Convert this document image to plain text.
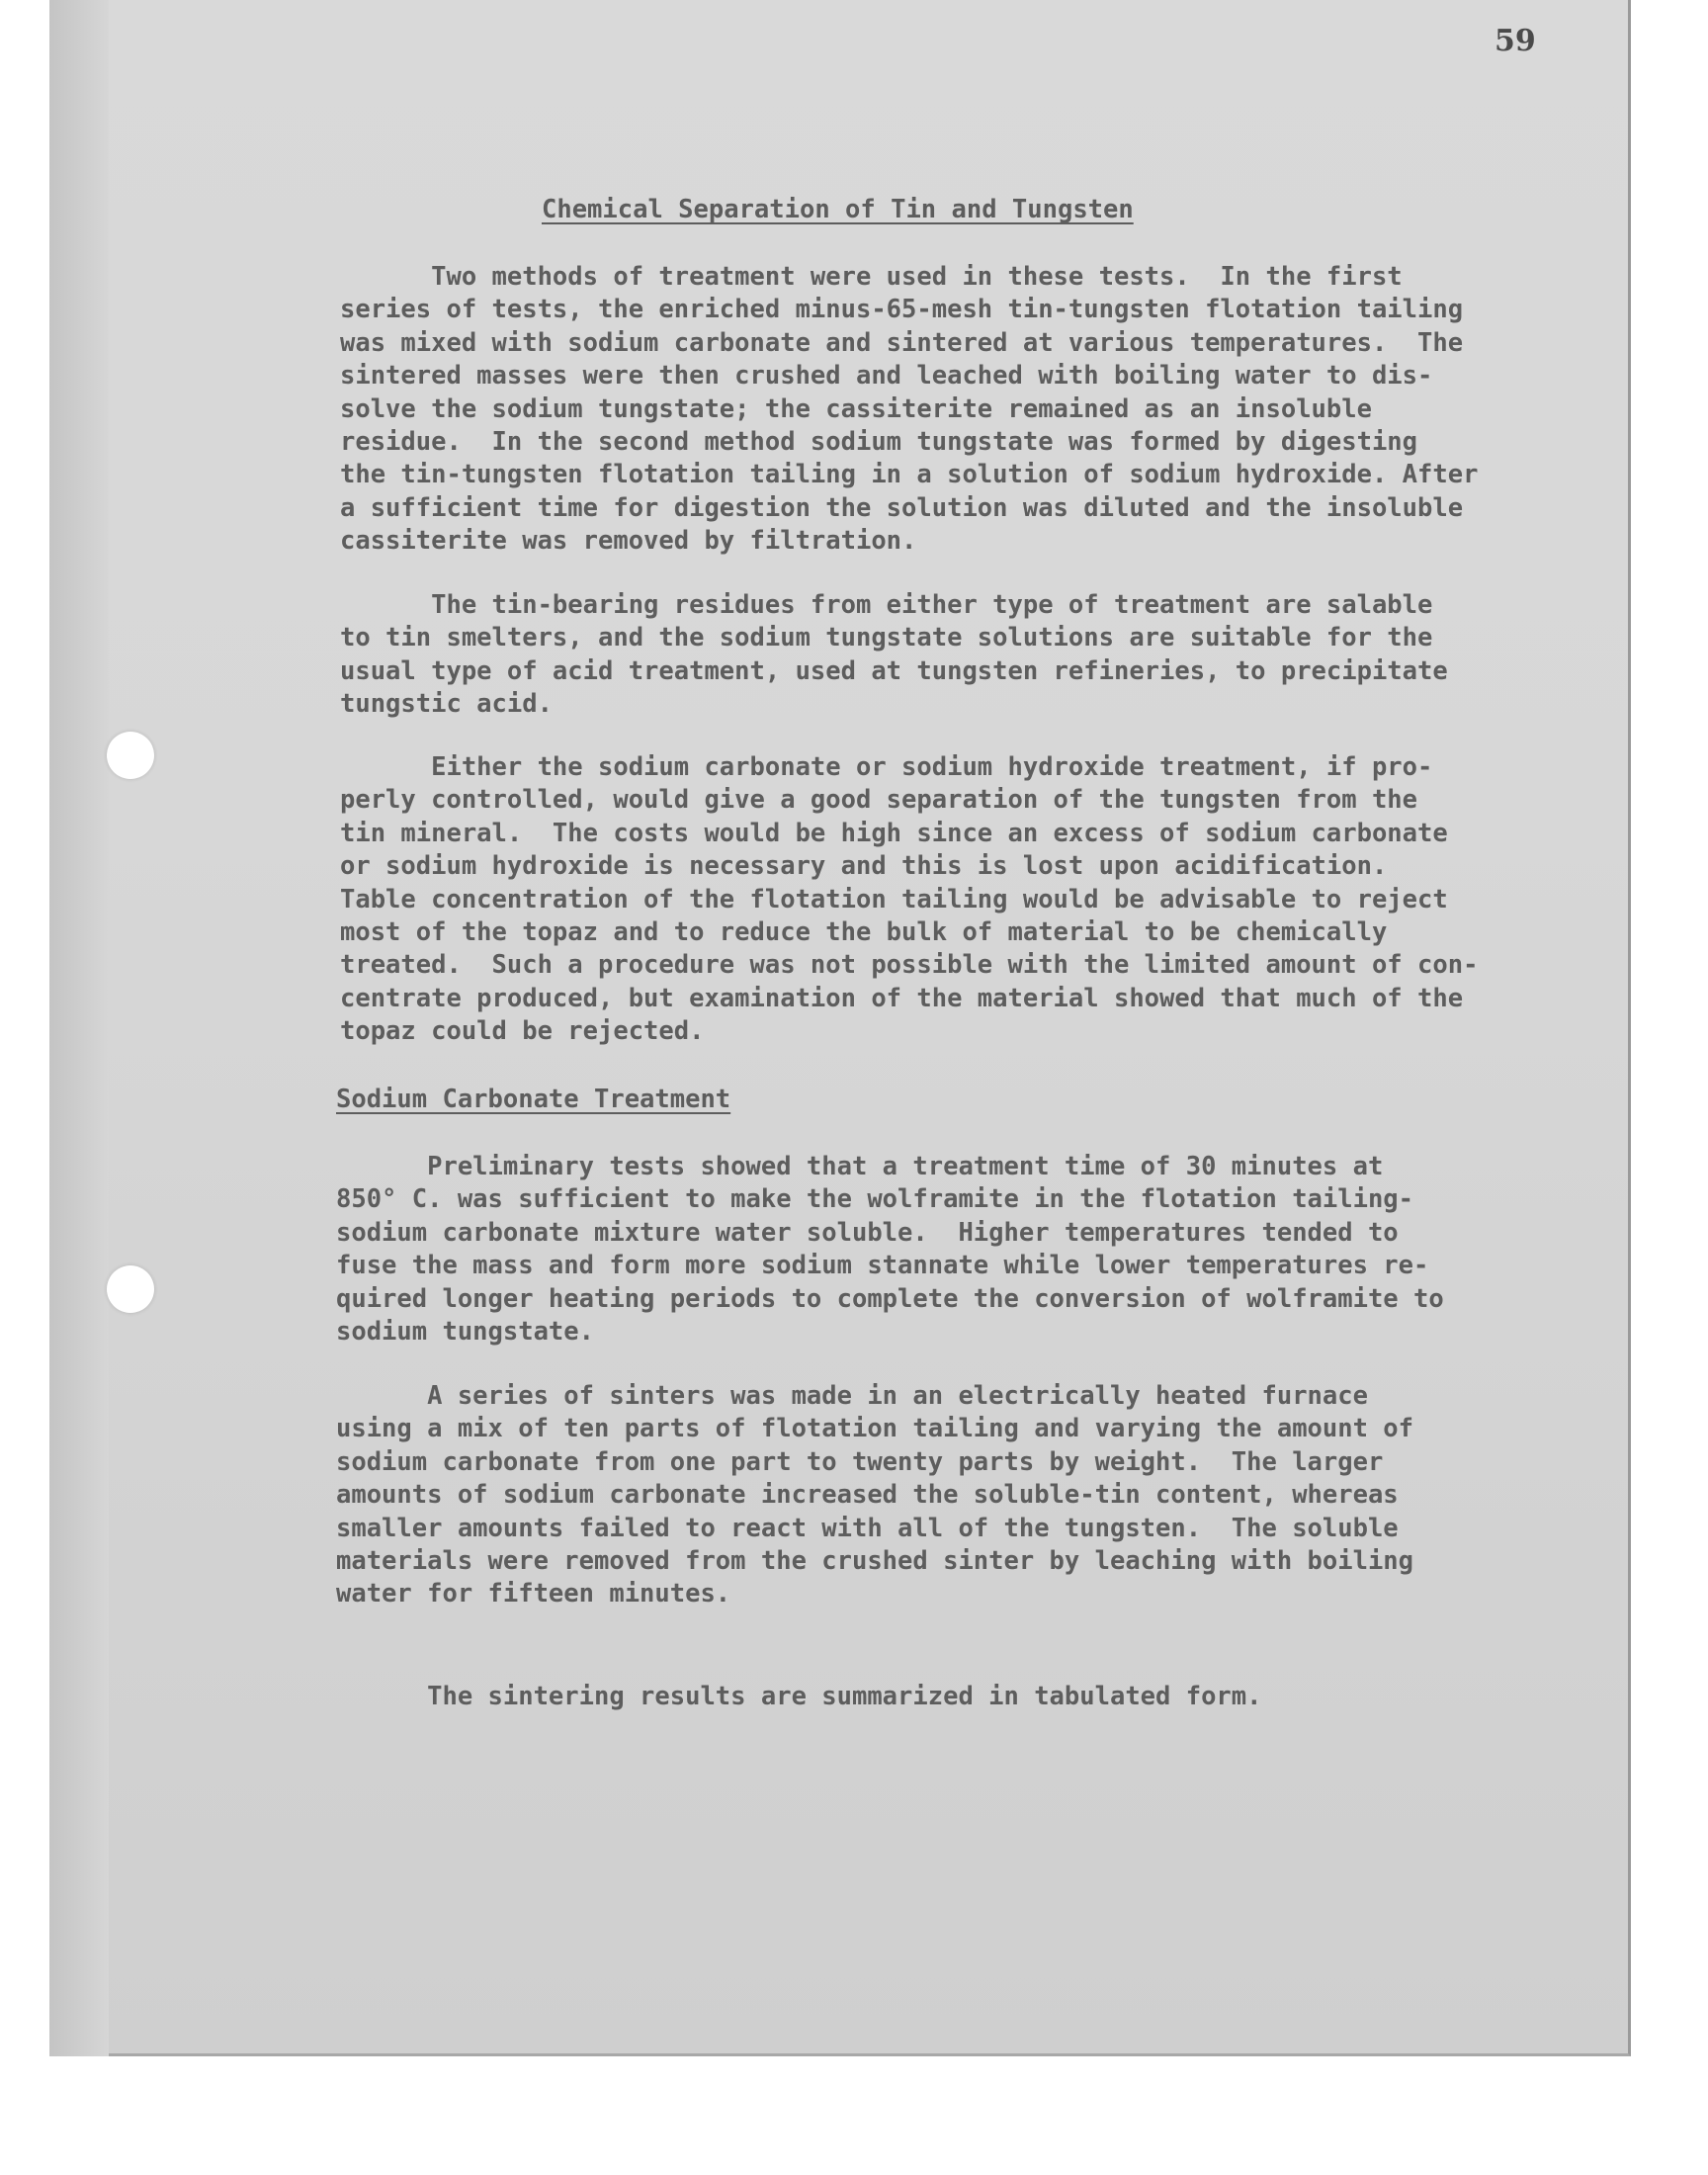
59
Chemical Separation of Tin and Tungsten
Two methods of treatment were used in these tests.  In the first
series of tests, the enriched minus-65-mesh tin-tungsten flotation tailing
was mixed with sodium carbonate and sintered at various temperatures.  The
sintered masses were then crushed and leached with boiling water to dis-
solve the sodium tungstate; the cassiterite remained as an insoluble
residue.  In the second method sodium tungstate was formed by digesting
the tin-tungsten flotation tailing in a solution of sodium hydroxide. After
a sufficient time for digestion the solution was diluted and the insoluble
cassiterite was removed by filtration.
The tin-bearing residues from either type of treatment are salable
to tin smelters, and the sodium tungstate solutions are suitable for the
usual type of acid treatment, used at tungsten refineries, to precipitate
tungstic acid.
Either the sodium carbonate or sodium hydroxide treatment, if pro-
perly controlled, would give a good separation of the tungsten from the
tin mineral.  The costs would be high since an excess of sodium carbonate
or sodium hydroxide is necessary and this is lost upon acidification.
Table concentration of the flotation tailing would be advisable to reject
most of the topaz and to reduce the bulk of material to be chemically
treated.  Such a procedure was not possible with the limited amount of con-
centrate produced, but examination of the material showed that much of the
topaz could be rejected.
Sodium Carbonate Treatment
Preliminary tests showed that a treatment time of 30 minutes at
850° C. was sufficient to make the wolframite in the flotation tailing-
sodium carbonate mixture water soluble.  Higher temperatures tended to
fuse the mass and form more sodium stannate while lower temperatures re-
quired longer heating periods to complete the conversion of wolframite to
sodium tungstate.
A series of sinters was made in an electrically heated furnace
using a mix of ten parts of flotation tailing and varying the amount of
sodium carbonate from one part to twenty parts by weight.  The larger
amounts of sodium carbonate increased the soluble-tin content, whereas
smaller amounts failed to react with all of the tungsten.  The soluble
materials were removed from the crushed sinter by leaching with boiling
water for fifteen minutes.
The sintering results are summarized in tabulated form.
